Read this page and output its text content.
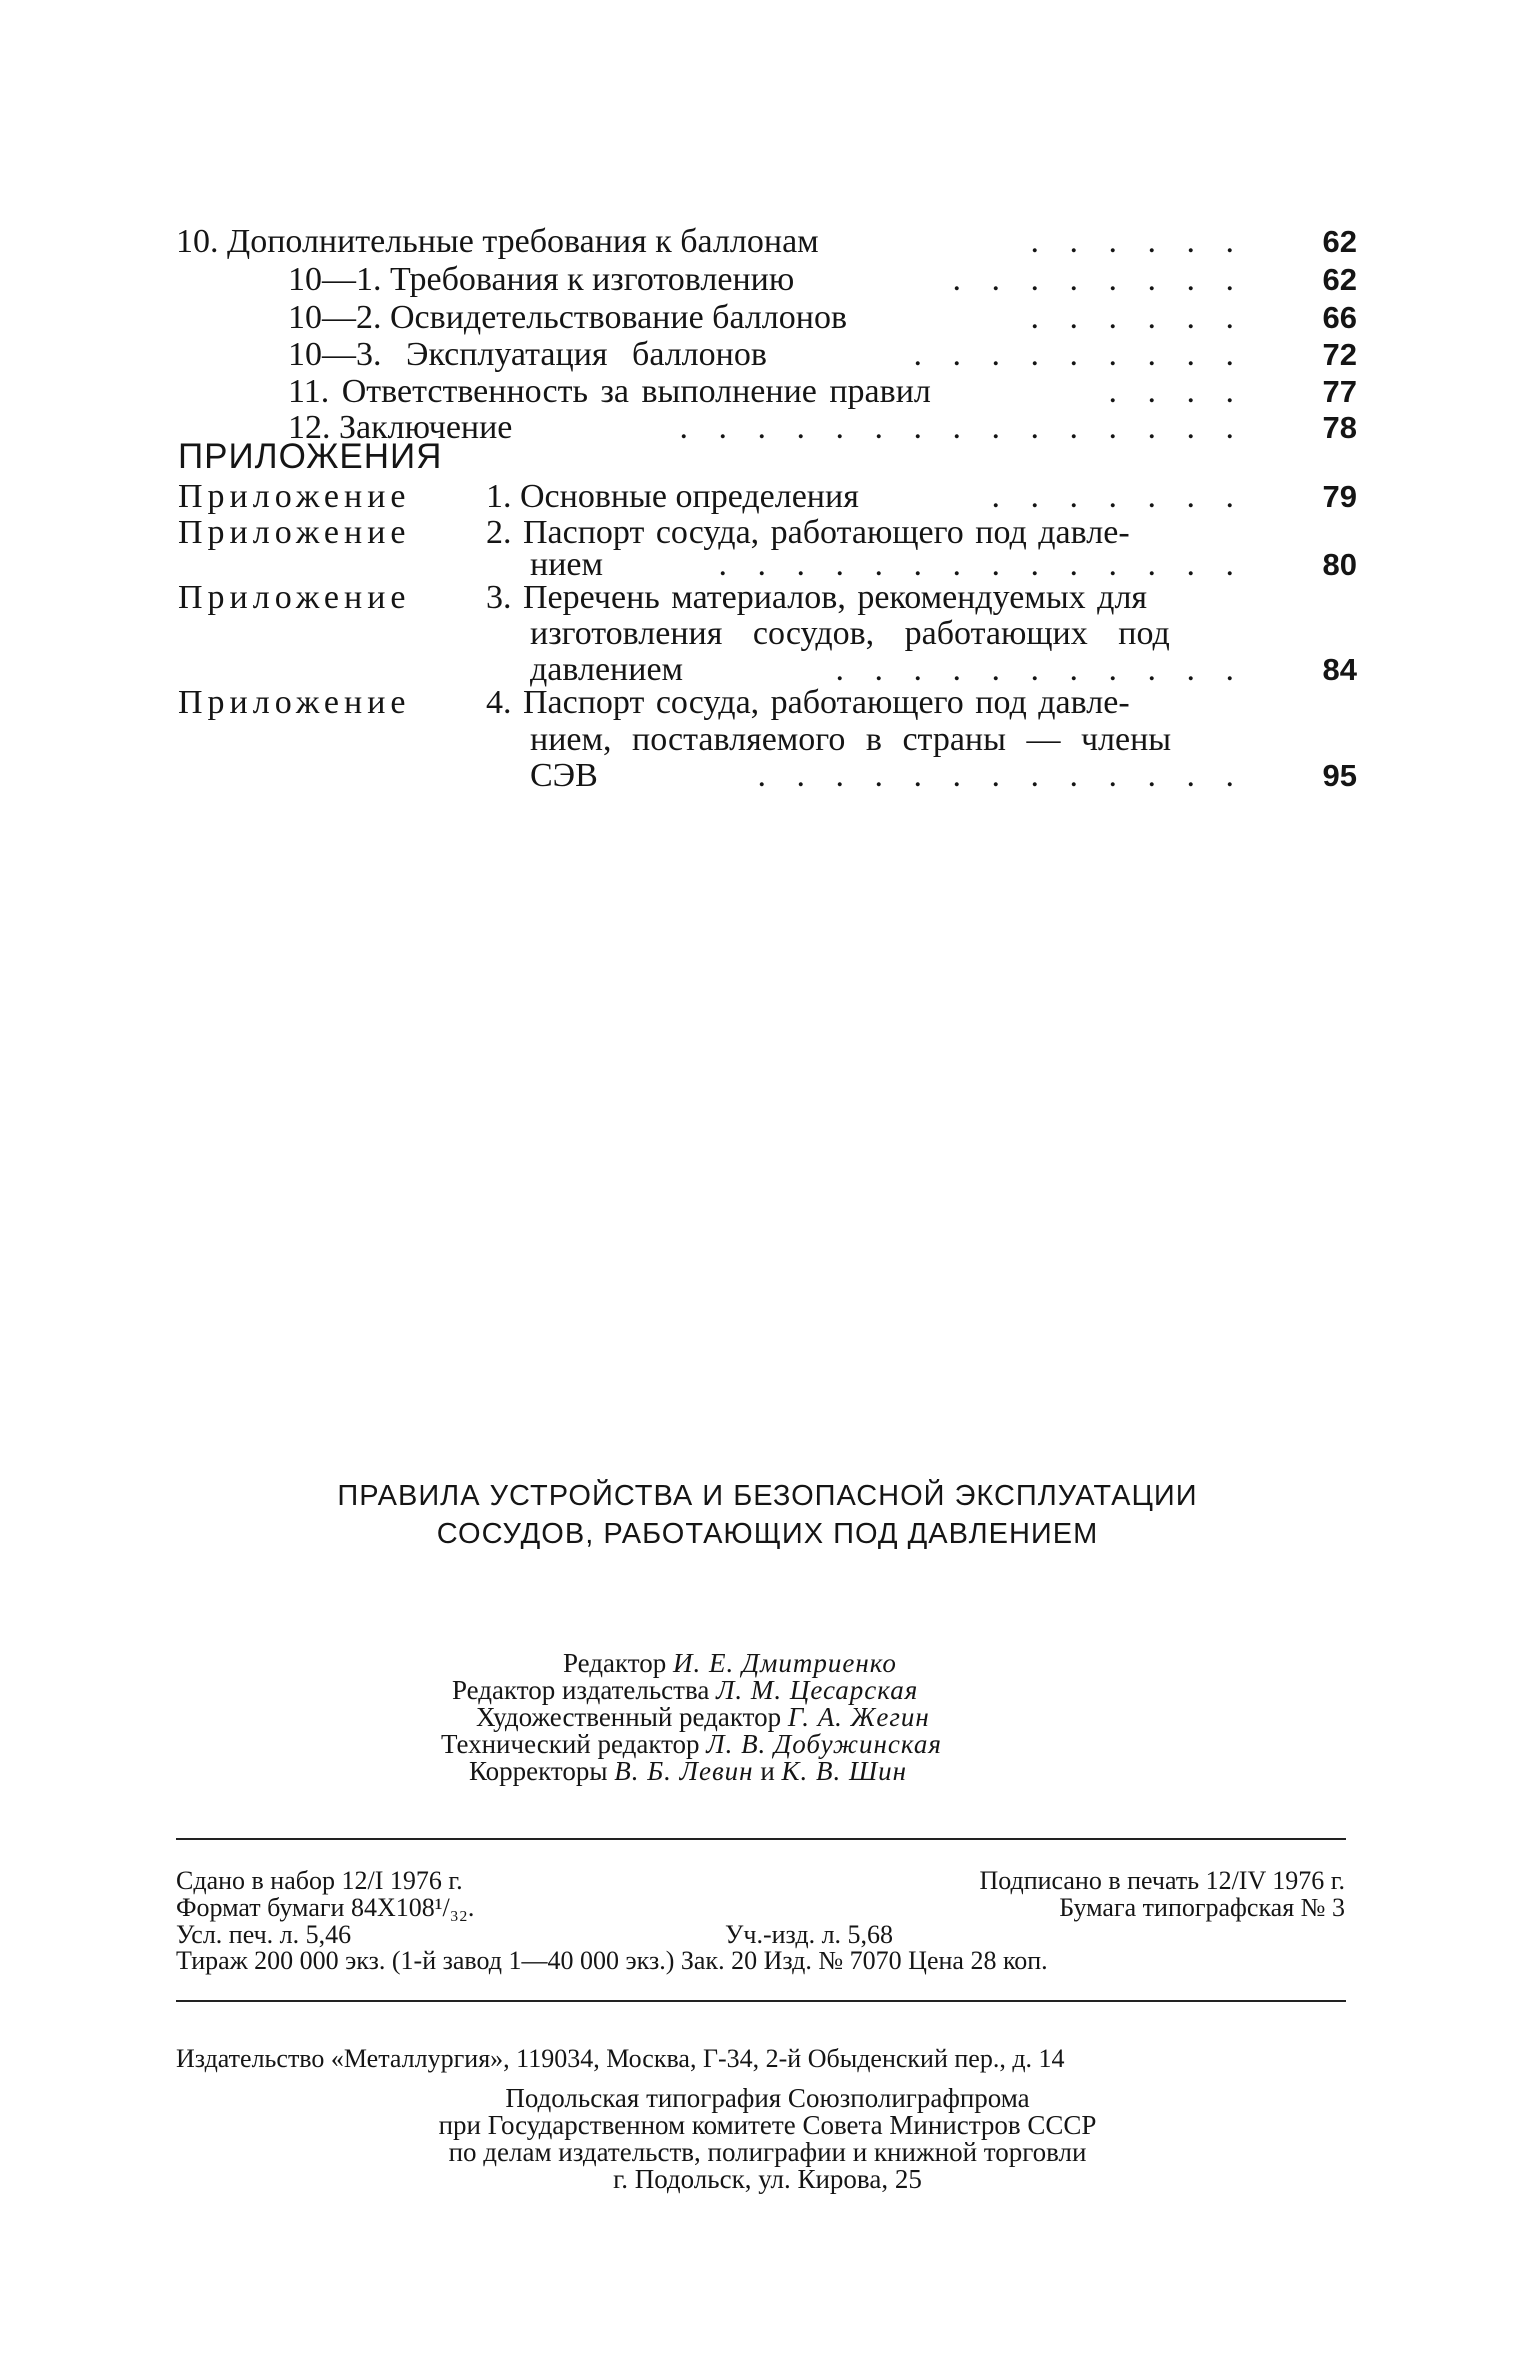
10. Дополнительные требования к баллонам	. . . . . .	62
10—1. Требования к изготовлению	. . . . . . . .	62
10—2. Освидетельствование баллонов	. . . . . .	66
10—3. Эксплуатация баллонов	. . . . . . . . .	72
11. Ответственность за выполнение правил	. . . .	77
12. Заключение	. . . . . . . . . . . . . . .	78
ПРИЛОЖЕНИЯ
Приложение 1. Основные определения	. . . . . . .	79
Приложение 2. Паспорт сосуда, работающего под давле-
нием	. . . . . . . . . . . . . .	80
Приложение 3. Перечень материалов, рекомендуемых для
изготовления сосудов, работающих под
давлением	. . . . . . . . . . .	84
Приложение 4. Паспорт сосуда, работающего под давле-
нием, поставляемого в страны — члены
СЭВ	. . . . . . . . . . . . .	95
ПРАВИЛА УСТРОЙСТВА И БЕЗОПАСНОЙ ЭКСПЛУАТАЦИИ
СОСУДОВ, РАБОТАЮЩИХ ПОД ДАВЛЕНИЕМ
Редактор И. Е. Дмитриенко
Редактор издательства Л. М. Цесарская
Художественный редактор Г. А. Жегин
Технический редактор Л. В. Добужинская
Корректоры В. Б. Левин и К. В. Шин
Сдано в набор 12/I 1976 г.	Подписано в печать 12/IV 1976 г.
Формат бумаги 84X108¹/₃₂.	Бумага типографская № 3
Усл. печ. л. 5,46	Уч.-изд. л. 5,68
Тираж 200 000 экз. (1-й завод 1—40 000 экз.) Зак. 20 Изд. № 7070 Цена 28 коп.
Издательство «Металлургия», 119034, Москва, Г-34, 2-й Обыденский пер., д. 14
Подольская типография Союзполиграфпрома
при Государственном комитете Совета Министров СССР
по делам издательств, полиграфии и книжной торговли
г. Подольск, ул. Кирова, 25
